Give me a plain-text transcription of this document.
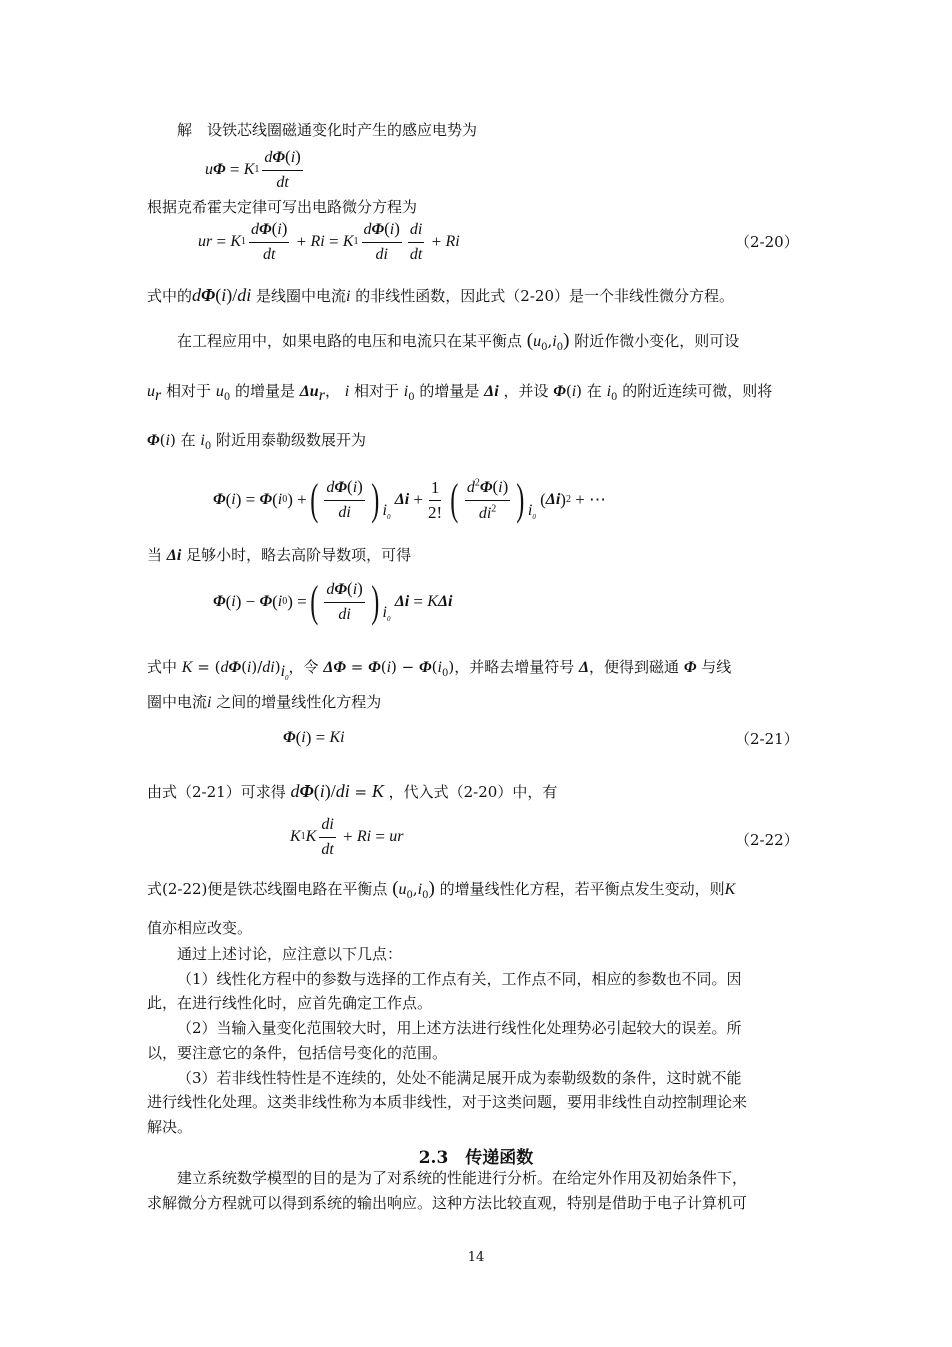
解　设铁芯线圈磁通变化时产生的感应电势为
u Φ = K $1 \frac{d\Phi(i)}{dt}$
根据克希霍夫定律可写出电路微分方程为
u r = K $1 \frac{d\Phi(i)}{dt} + Ri = K$ $1 \frac{d\Phi(i)}{di} \frac{di}{dt} + Ri$	（2-20）
式中的dΦ(i)/di 是线圈中电流i 的非线性函数，因此式（2-20）是一个非线性微分方程。
在工程应用中，如果电路的电压和电流只在某平衡点 $(u_0,i_0)$ 附近作微小变化，则可设
$u_r$ 相对于 $u_0$ 的增量是 $\Delta u_r$， i 相对于 $i_0$ 的增量是 Δi ，并设 Φ(i) 在 $i_0$ 的附近连续可微，则将
Φ(i) 在 $i_0$ 附近用泰勒级数展开为
Φ ( i ) = Φ ( i 0 ) + ( $\frac{d\Phi(i)}{di} )_{i_0}$

$\Delta i + \frac{1}{2!}$ ( $\frac{d^2\Phi(i)}{di^2} )_{i_0}$
( Δi ) 2 + ⋯
当 Δi 足够小时，略去高阶导数项，可得
Φ ( i ) − Φ ( i 0 ) = ( $\frac{d\Phi(i)}{di} )_{i_0}$

Δi = K Δi
式中 $K = (d\Phi(i)/di)_{i_0}$，令 $\Delta\Phi = \Phi(i) - \Phi(i_0)$，并略去增量符号 Δ，便得到磁通 Φ 与线
圈中电流i 之间的增量线性化方程为
Φ ( i ) = Ki	（2-21）
由式（2-21）可求得 dΦ(i)/di = K ，代入式（2-20）中，有
K 1 K $\frac{di}{dt} + Ri = u$ r	（2-22）
式(2-22)便是铁芯线圈电路在平衡点 $(u_0,i_0)$ 的增量线性化方程，若平衡点发生变动，则K
值亦相应改变。
通过上述讨论，应注意以下几点：
（1）线性化方程中的参数与选择的工作点有关，工作点不同，相应的参数也不同。因
此，在进行线性化时，应首先确定工作点。
（2）当输入量变化范围较大时，用上述方法进行线性化处理势必引起较大的误差。所
以，要注意它的条件，包括信号变化的范围。
（3）若非线性特性是不连续的，处处不能满足展开成为泰勒级数的条件，这时就不能
进行线性化处理。这类非线性称为本质非线性，对于这类问题，要用非线性自动控制理论来
解决。
2.3　传递函数
建立系统数学模型的目的是为了对系统的性能进行分析。在给定外作用及初始条件下，
求解微分方程就可以得到系统的输出响应。这种方法比较直观，特别是借助于电子计算机可
14
